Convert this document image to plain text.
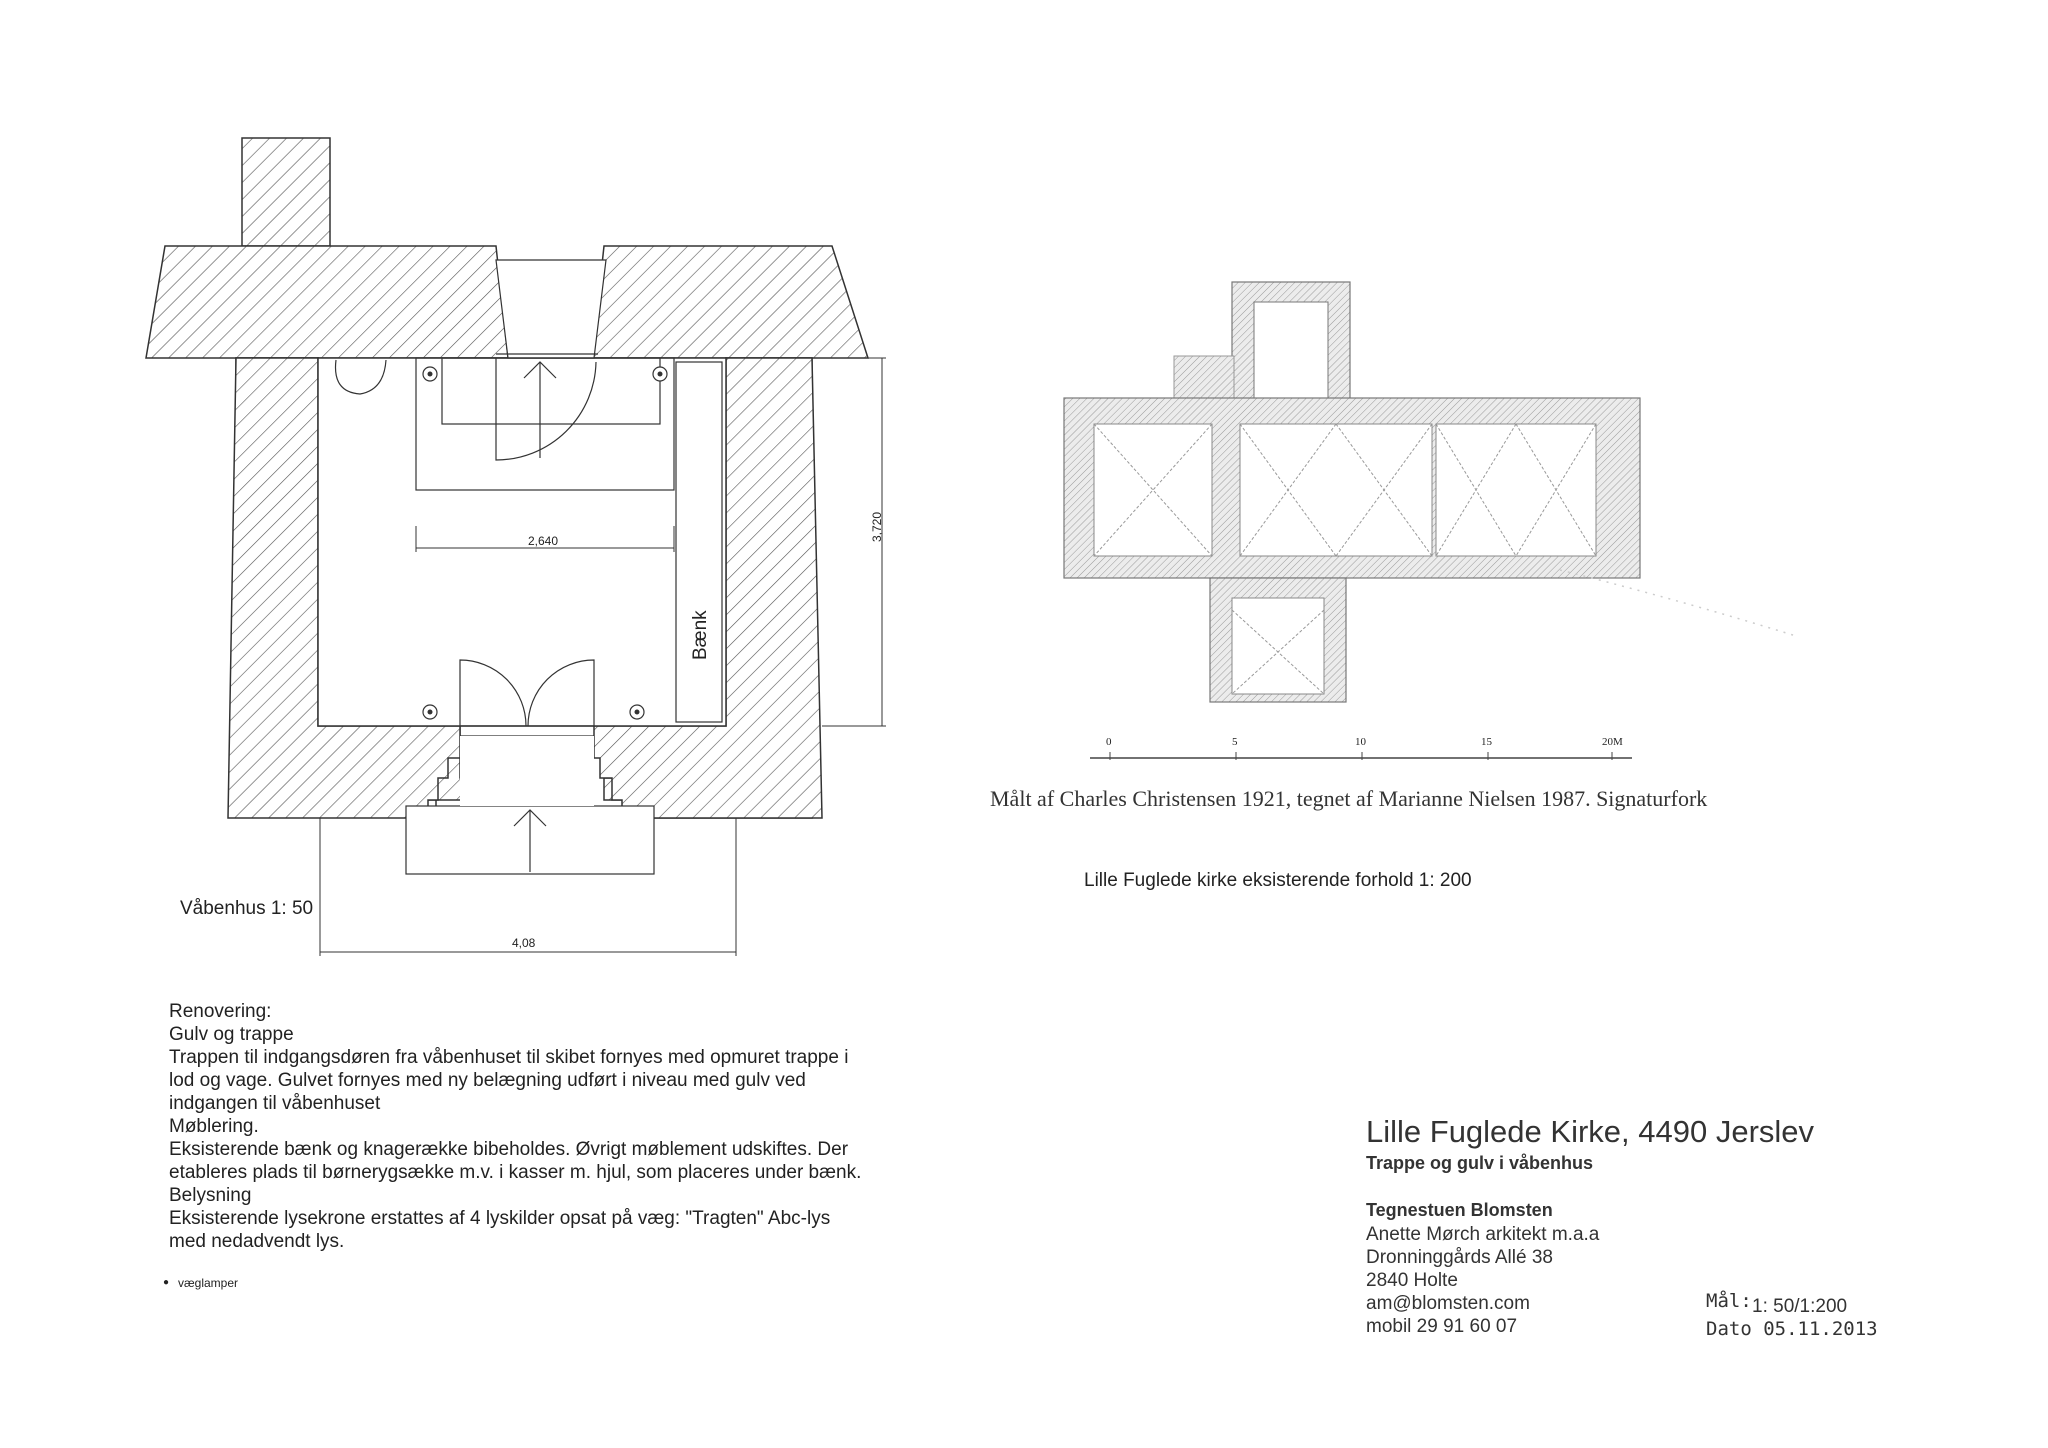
2,640	3,720
4,08
Bænk
Våbenhus 1: 50
0	5	10	15	20M
Målt af Charles Christensen 1921, tegnet af Marianne Nielsen 1987. Signaturfork
Lille Fuglede kirke eksisterende forhold 1: 200
Renovering:
Gulv og trappe
Trappen til indgangsdøren fra våbenhuset til skibet fornyes med opmuret trappe i
lod og vage. Gulvet fornyes med ny belægning udført i niveau med gulv ved
indgangen til våbenhuset
Møblering.
Eksisterende bænk og knagerække bibeholdes. Øvrigt møblement udskiftes. Der
etableres plads til børnerygsække m.v. i kasser m. hjul, som placeres under bænk.
Belysning
Eksisterende lysekrone erstattes af 4 lyskilder opsat på væg: "Tragten" Abc-lys
med nedadvendt lys.
● væglamper
Lille Fuglede Kirke, 4490 Jerslev
Trappe og gulv i våbenhus
Tegnestuen Blomsten
Anette Mørch arkitekt m.a.a
Dronninggårds Allé 38
2840 Holte
am@blomsten.com
mobil 29 91 60 07
Mål: 1: 50/1:200
Dato 05.11.2013
